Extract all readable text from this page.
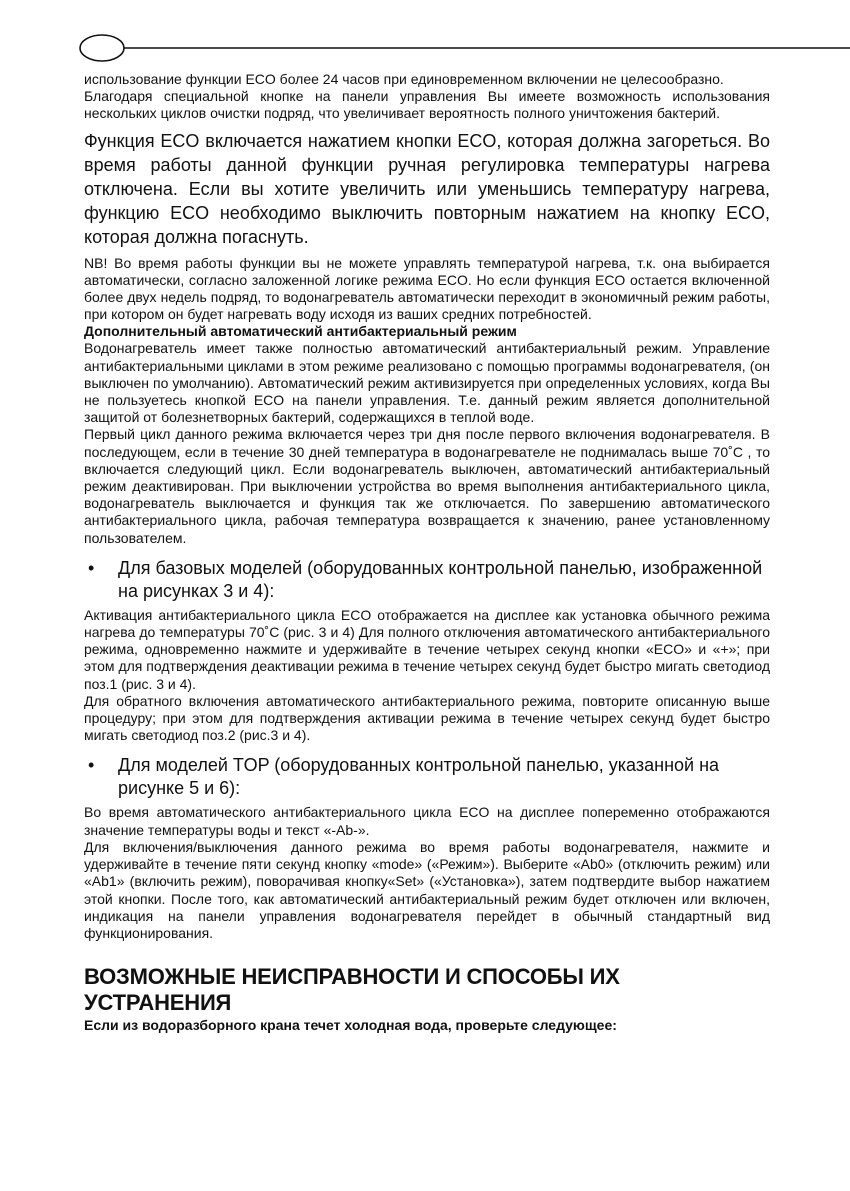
использование функции ECO более 24 часов при единовременном включении не целесообразно.

Благодаря специальной кнопке на панели управления Вы имеете возможность использования нескольких циклов очистки подряд, что увеличивает вероятность полного уничтожения бактерий.

Функция ECO включается нажатием кнопки ECO, которая должна загореться. Во время работы данной функции ручная регулировка температуры нагрева отключена. Если вы хотите увеличить или уменьшись температуру нагрева, функцию ECO необходимо выключить повторным нажатием на кнопку ECO, которая должна погаснуть.

NB! Во время работы функции вы не можете управлять температурой нагрева, т.к. она выбирается автоматически, согласно заложенной логике режима ECO. Но если функция ECO остается включенной более двух недель подряд, то водонагреватель автоматически переходит в экономичный режим работы, при котором он будет нагревать воду исходя из ваших средних потребностей.

Дополнительный автоматический антибактериальный режим

Водонагреватель имеет также полностью автоматический антибактериальный режим. Управление антибактериальными циклами в этом режиме реализовано с помощью программы водонагревателя, (он выключен по умолчанию). Автоматический режим активизируется при определенных условиях, когда Вы не пользуетесь кнопкой ECO на панели управления. Т.е. данный режим является дополнительной защитой от болезнетворных бактерий, содержащихся в теплой воде.

Первый цикл данного режима включается через три дня после первого включения водонагревателя. В последующем, если в течение 30 дней температура в водонагревателе не поднималась выше 70˚С , то включается следующий цикл. Если водонагреватель выключен, автоматический антибактериальный режим деактивирован. При выключении устройства во время выполнения антибактериального цикла, водонагреватель выключается и функция так же отключается. По завершению автоматического антибактериального цикла, рабочая температура возвращается к значению, ранее установленному пользователем.

•	Для базовых моделей (оборудованных контрольной панелью, изображенной на рисунках 3 и 4):

Активация антибактериального цикла ECO отображается на дисплее как установка обычного режима нагрева до температуры 70˚С (рис. 3 и 4) Для полного отключения автоматического антибактериального режима, одновременно нажмите и удерживайте в течение четырех секунд кнопки «ECO» и «+»; при этом для подтверждения деактивации режима в течение четырех секунд будет быстро мигать светодиод поз.1 (рис. 3 и 4).

Для обратного включения автоматического антибактериального режима, повторите описанную выше процедуру; при этом для подтверждения активации режима в течение четырех секунд будет быстро мигать светодиод поз.2 (рис.3 и 4).

•	Для моделей TOP (оборудованных контрольной панелью, указанной на рисунке 5 и 6):

Во время автоматического антибактериального цикла ECO на дисплее попеременно отображаются значение температуры воды и текст «-Ab-».

Для включения/выключения данного режима во время работы водонагревателя, нажмите и удерживайте в течение пяти секунд кнопку «mode» («Режим»). Выберите «Ab0» (отключить режим) или «Ab1» (включить режим), поворачивая кнопку«Set» («Установка»), затем подтвердите выбор нажатием этой кнопки. После того, как автоматический антибактериальный режим будет отключен или включен, индикация на панели управления водонагревателя перейдет в обычный стандартный вид функционирования.

ВОЗМОЖНЫЕ НЕИСПРАВНОСТИ И СПОСОБЫ ИХ УСТРАНЕНИЯ

Если из водоразборного крана течет холодная вода, проверьте следующее:
